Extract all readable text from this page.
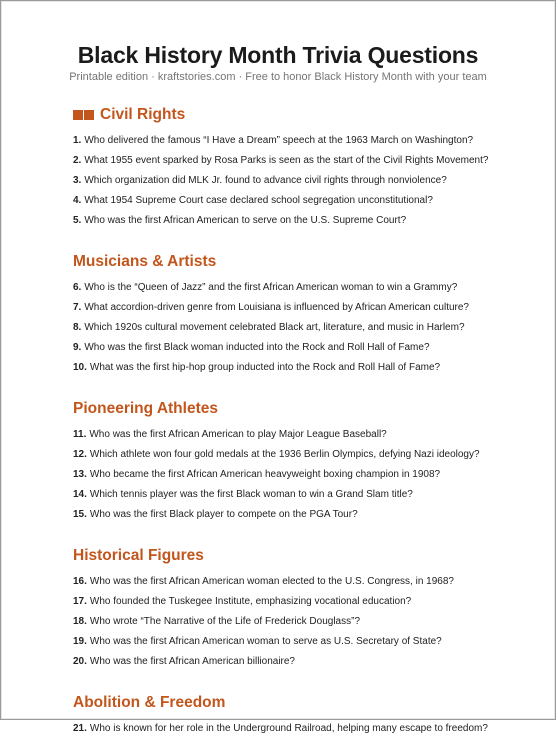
Black History Month Trivia Questions
Printable edition · kraftstories.com · Free to honor Black History Month with your team
Civil Rights
1. Who delivered the famous “I Have a Dream” speech at the 1963 March on Washington?
2. What 1955 event sparked by Rosa Parks is seen as the start of the Civil Rights Movement?
3. Which organization did MLK Jr. found to advance civil rights through nonviolence?
4. What 1954 Supreme Court case declared school segregation unconstitutional?
5. Who was the first African American to serve on the U.S. Supreme Court?
Musicians & Artists
6. Who is the “Queen of Jazz” and the first African American woman to win a Grammy?
7. What accordion-driven genre from Louisiana is influenced by African American culture?
8. Which 1920s cultural movement celebrated Black art, literature, and music in Harlem?
9. Who was the first Black woman inducted into the Rock and Roll Hall of Fame?
10. What was the first hip-hop group inducted into the Rock and Roll Hall of Fame?
Pioneering Athletes
11. Who was the first African American to play Major League Baseball?
12. Which athlete won four gold medals at the 1936 Berlin Olympics, defying Nazi ideology?
13. Who became the first African American heavyweight boxing champion in 1908?
14. Which tennis player was the first Black woman to win a Grand Slam title?
15. Who was the first Black player to compete on the PGA Tour?
Historical Figures
16. Who was the first African American woman elected to the U.S. Congress, in 1968?
17. Who founded the Tuskegee Institute, emphasizing vocational education?
18. Who wrote “The Narrative of the Life of Frederick Douglass”?
19. Who was the first African American woman to serve as U.S. Secretary of State?
20. Who was the first African American billionaire?
Abolition & Freedom
21. Who is known for her role in the Underground Railroad, helping many escape to freedom?
